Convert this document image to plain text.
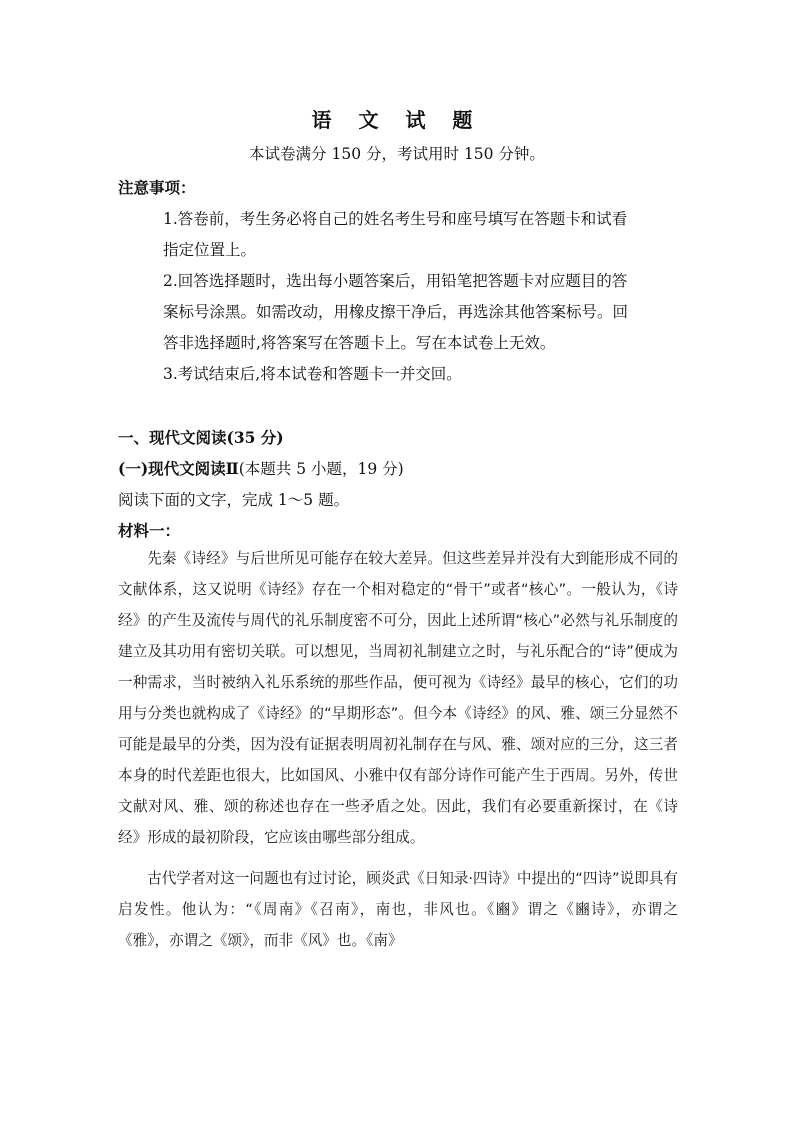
语 文 试 题
本试卷满分 150 分，考试用时 150 分钟。
注意事项：
1.答卷前，考生务必将自己的姓名考生号和座号填写在答题卡和试看
指定位置上。
2.回答选择题时，选出每小题答案后，用铅笔把答题卡对应题目的答
案标号涂黑。如需改动，用橡皮擦干净后，再选涂其他答案标号。回
答非选择题时,将答案写在答题卡上。写在本试卷上无效。
3.考试结束后,将本试卷和答题卡一并交回。
一、现代文阅读(35 分)
(一)现代文阅读Ⅱ(本题共 5 小题，19 分)
阅读下面的文字，完成 1～5 题。
材料一：

先秦《诗经》与后世所见可能存在较大差异。但这些差异并没有大到能形成不同的文献体系，这又说明《诗经》存在一个相对稳定的“骨干”或者“核心”。一般认为，《诗经》的产生及流传与周代的礼乐制度密不可分，因此上述所谓“核心”必然与礼乐制度的建立及其功用有密切关联。可以想见，当周初礼制建立之时，与礼乐配合的“诗”便成为一种需求，当时被纳入礼乐系统的那些作品，便可视为《诗经》最早的核心，它们的功用与分类也就构成了《诗经》的“早期形态”。但今本《诗经》的风、雅、颂三分显然不可能是最早的分类，因为没有证据表明周初礼制存在与风、雅、颂对应的三分，这三者本身的时代差距也很大，比如国风、小雅中仅有部分诗作可能产生于西周。另外，传世文献对风、雅、颂的称述也存在一些矛盾之处。因此，我们有必要重新探讨，在《诗经》形成的最初阶段，它应该由哪些部分组成。

古代学者对这一问题也有过讨论，顾炎武《日知录·四诗》中提出的“四诗”说即具有启发性。他认为：“《周南》《召南》，南也，非风也。《豳》谓之《豳诗》，亦谓之《雅》，亦谓之《颂》，而非《风》也。《南》
